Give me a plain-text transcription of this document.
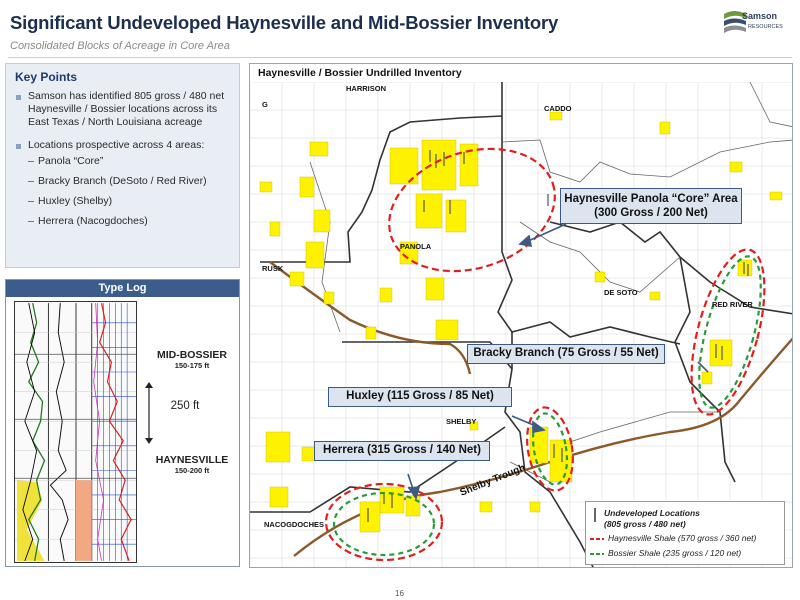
Significant Undeveloped Haynesville and Mid-Bossier Inventory
Consolidated Blocks of Acreage in Core Area
Samson
RESOURCES
Key Points
Samson has identified 805 gross / 480 net Haynesville / Bossier locations across its East Texas / North Louisiana acreage
Locations prospective across 4 areas:
Panola “Core”
Bracky Branch (DeSoto / Red River)
Huxley (Shelby)
Herrera (Nacogdoches)
Type Log
MID-BOSSIER
150-175 ft
250 ft
HAYNESVILLE
150-200 ft
Haynesville / Bossier Undrilled Inventory
HARRISON
CADDO
PANOLA
RUSK
DE SOTO
RED RIVER
SHELBY
NACOGDOCHES
G
Haynesville Panola “Core” Area
(300 Gross / 200 Net)
Bracky Branch (75 Gross / 55 Net)
Huxley (115 Gross / 85 Net)
Herrera (315 Gross / 140 Net)
Shelby Trough
Undeveloped Locations
(805 gross / 480 net)
Haynesville Shale (570 gross / 360 net)
Bossier Shale (235 gross / 120 net)
16
